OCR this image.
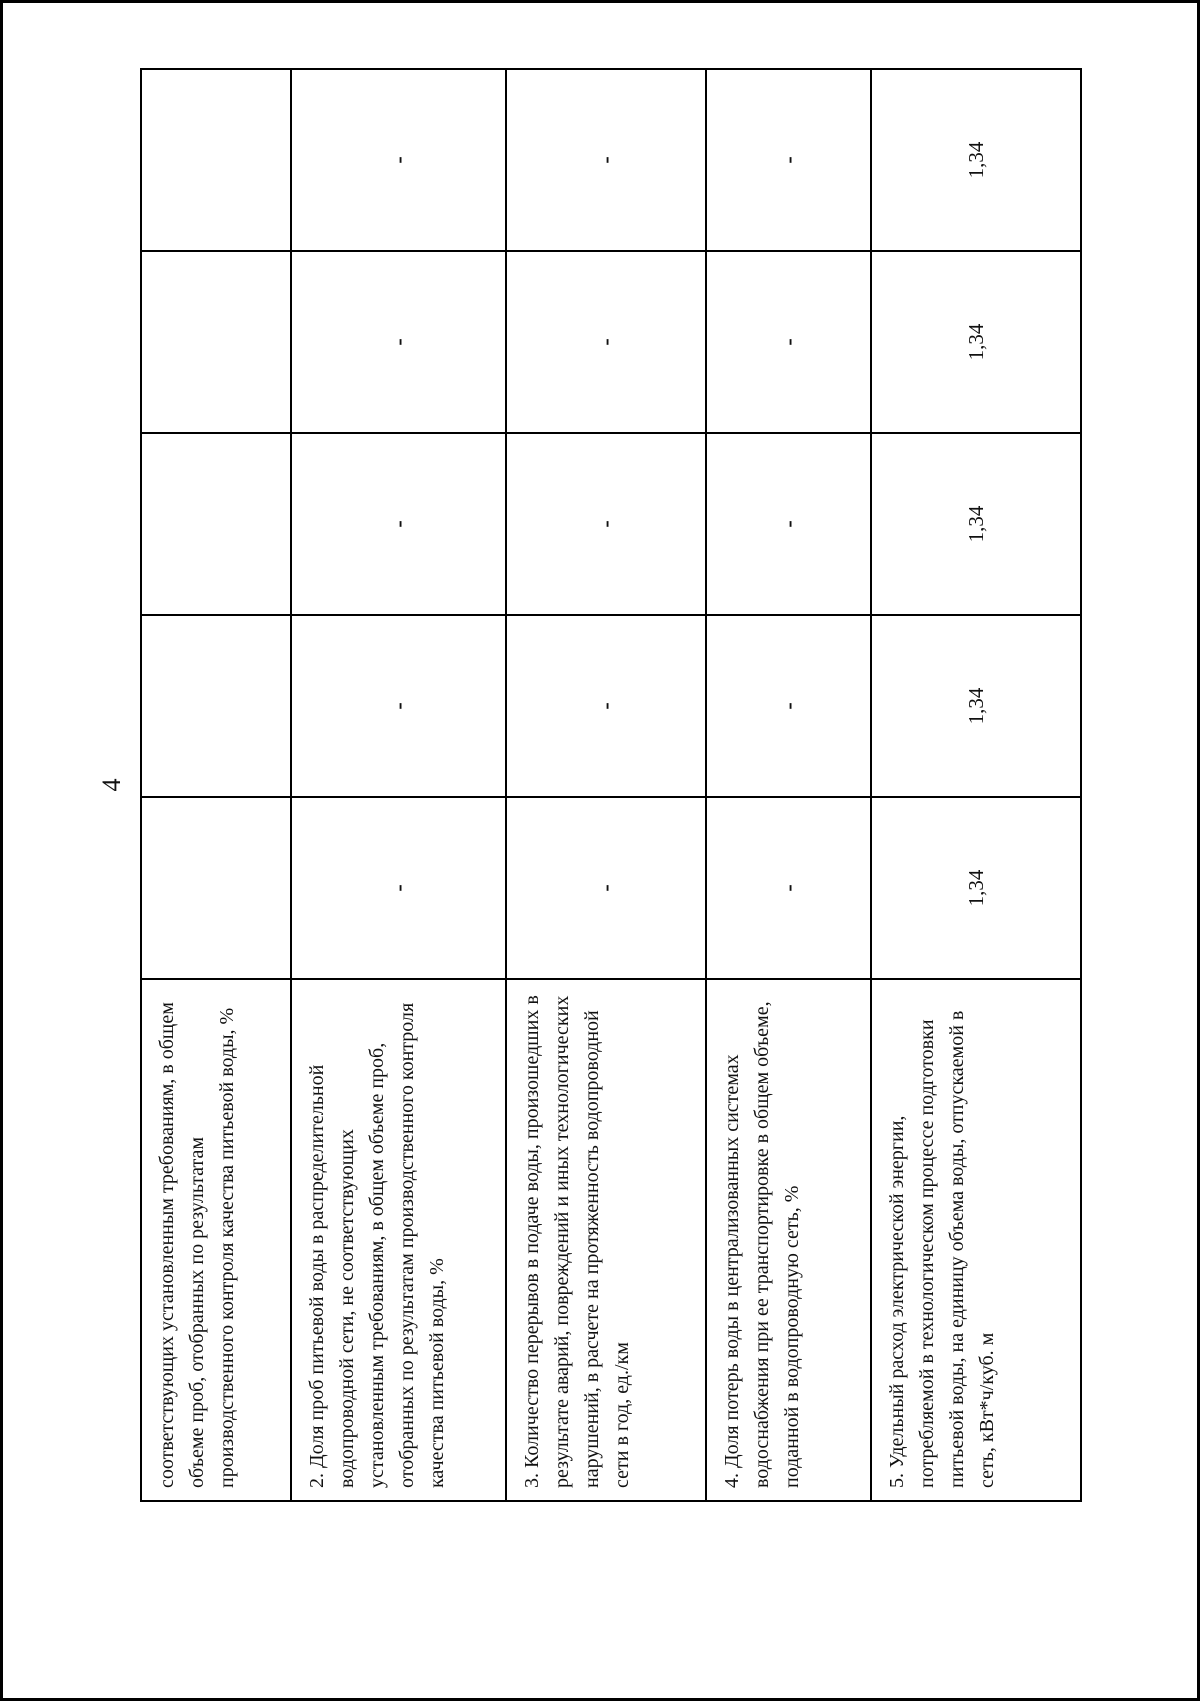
4
соответствующих установленным требованиям, в общем объеме проб, отобранных по результатам производственного контроля качества питьевой воды, %					
2. Доля проб питьевой воды в распределительной водопроводной сети, не соответствующих установленным требованиям, в общем объеме проб, отобранных по результатам производственного контроля качества питьевой воды, %	-	-	-	-	-
3. Количество перерывов в подаче воды, произошедших в результате аварий, повреждений и иных технологических нарушений, в расчете на протяженность водопроводной сети в год, ед./км	-	-	-	-	-
4. Доля потерь воды в централизованных системах водоснабжения при ее транспортировке в общем объеме, поданной в водопроводную сеть, %	-	-	-	-	-
5. Удельный расход электрической энергии, потребляемой в технологическом процессе подготовки питьевой воды, на единицу объема воды, отпускаемой в сеть, кВт*ч/куб. м	1,34	1,34	1,34	1,34	1,34
